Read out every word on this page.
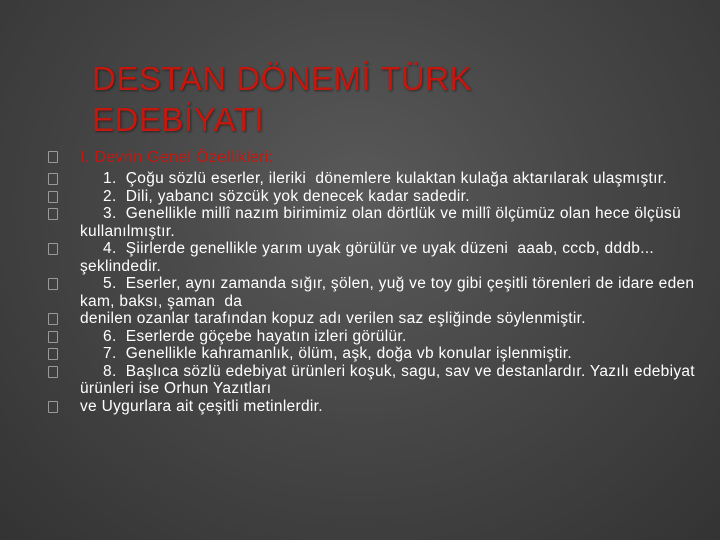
DESTAN DÖNEMİ TÜRK
EDEBİYATI
I. Devrin Genel Özellikleri:
1.  Çoğu sözlü eserler, ileriki  dönemlere kulaktan kulağa aktarılarak ulaşmıştır.
2.  Dili, yabancı sözcük yok denecek kadar sadedir.
3.  Genellikle millî nazım birimimiz olan dörtlük ve millî ölçümüz olan hece ölçüsü kullanılmıştır.
4.  Şiirlerde genellikle yarım uyak görülür ve uyak düzeni  aaab, cccb, dddb... şeklindedir.
5.  Eserler, aynı zamanda sığır, şölen, yuğ ve toy gibi çeşitli törenleri de idare eden kam, baksı, şaman  da
denilen ozanlar tarafından kopuz adı verilen saz eşliğinde söylenmiştir.
6.  Eserlerde göçebe hayatın izleri görülür.
7.  Genellikle kahramanlık, ölüm, aşk, doğa vb konular işlenmiştir.
8.  Başlıca sözlü edebiyat ürünleri koşuk, sagu, sav ve destanlardır. Yazılı edebiyat ürünleri ise Orhun Yazıtları
ve Uygurlara ait çeşitli metinlerdir.
